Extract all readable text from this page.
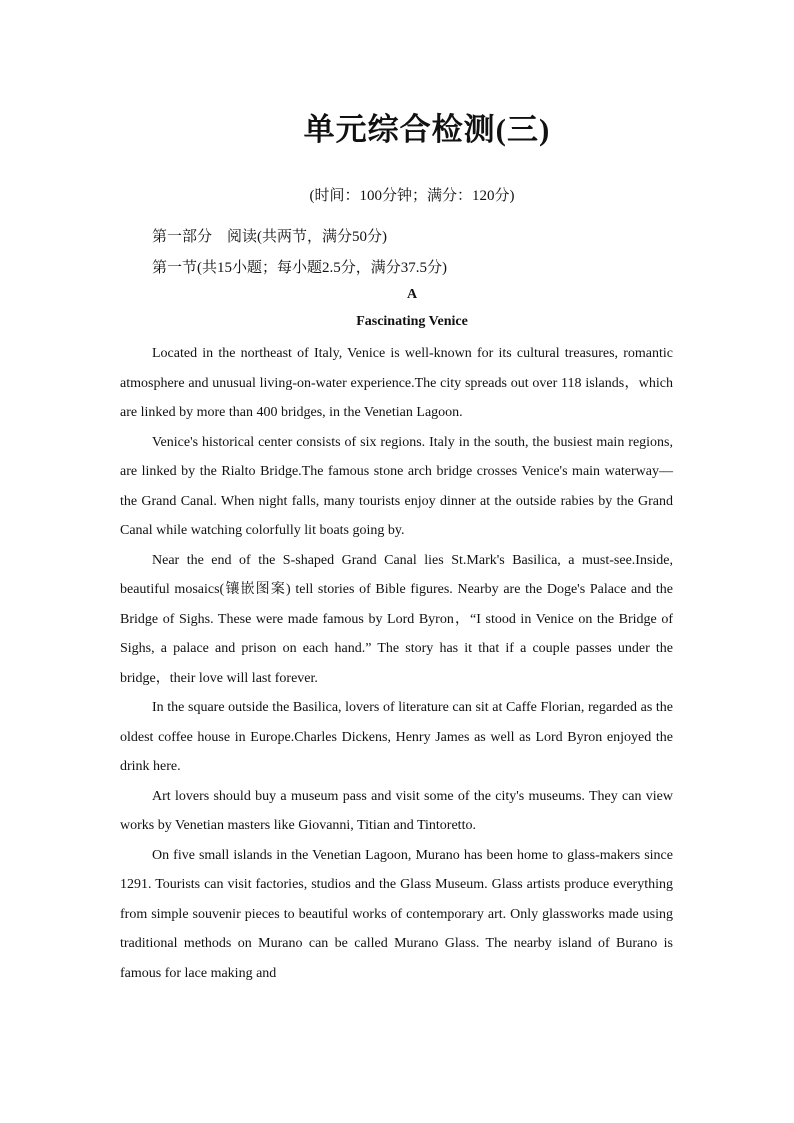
单元综合检测(三)
(时间：100分钟；满分：120分)
第一部分　阅读(共两节，满分50分)
第一节(共15小题；每小题2.5分，满分37.5分)
A
Fascinating Venice

Located in the northeast of Italy, Venice is well-known for its cultural treasures, romantic atmosphere and unusual living-on-water experience.The city spreads out over 118 islands，which are linked by more than 400 bridges, in the Venetian Lagoon.

Venice's historical center consists of six regions. Italy in the south, the busiest main regions, are linked by the Rialto Bridge.The famous stone arch bridge crosses Venice's main waterway—the Grand Canal. When night falls, many tourists enjoy dinner at the outside rabies by the Grand Canal while watching colorfully lit boats going by.

Near the end of the S-shaped Grand Canal lies St.Mark's Basilica, a must-see.Inside, beautiful mosaics(镶嵌图案) tell stories of Bible figures. Nearby are the Doge's Palace and the Bridge of Sighs. These were made famous by Lord Byron，“I stood in Venice on the Bridge of Sighs, a palace and prison on each hand.” The story has it that if a couple passes under the bridge，their love will last forever.

In the square outside the Basilica, lovers of literature can sit at Caffe Florian, regarded as the oldest coffee house in Europe.Charles Dickens, Henry James as well as Lord Byron enjoyed the drink here.

Art lovers should buy a museum pass and visit some of the city's museums. They can view works by Venetian masters like Giovanni, Titian and Tintoretto.

On five small islands in the Venetian Lagoon, Murano has been home to glass-makers since 1291. Tourists can visit factories, studios and the Glass Museum. Glass artists produce everything from simple souvenir pieces to beautiful works of contemporary art. Only glassworks made using traditional methods on Murano can be called Murano Glass. The nearby island of Burano is famous for lace making and
